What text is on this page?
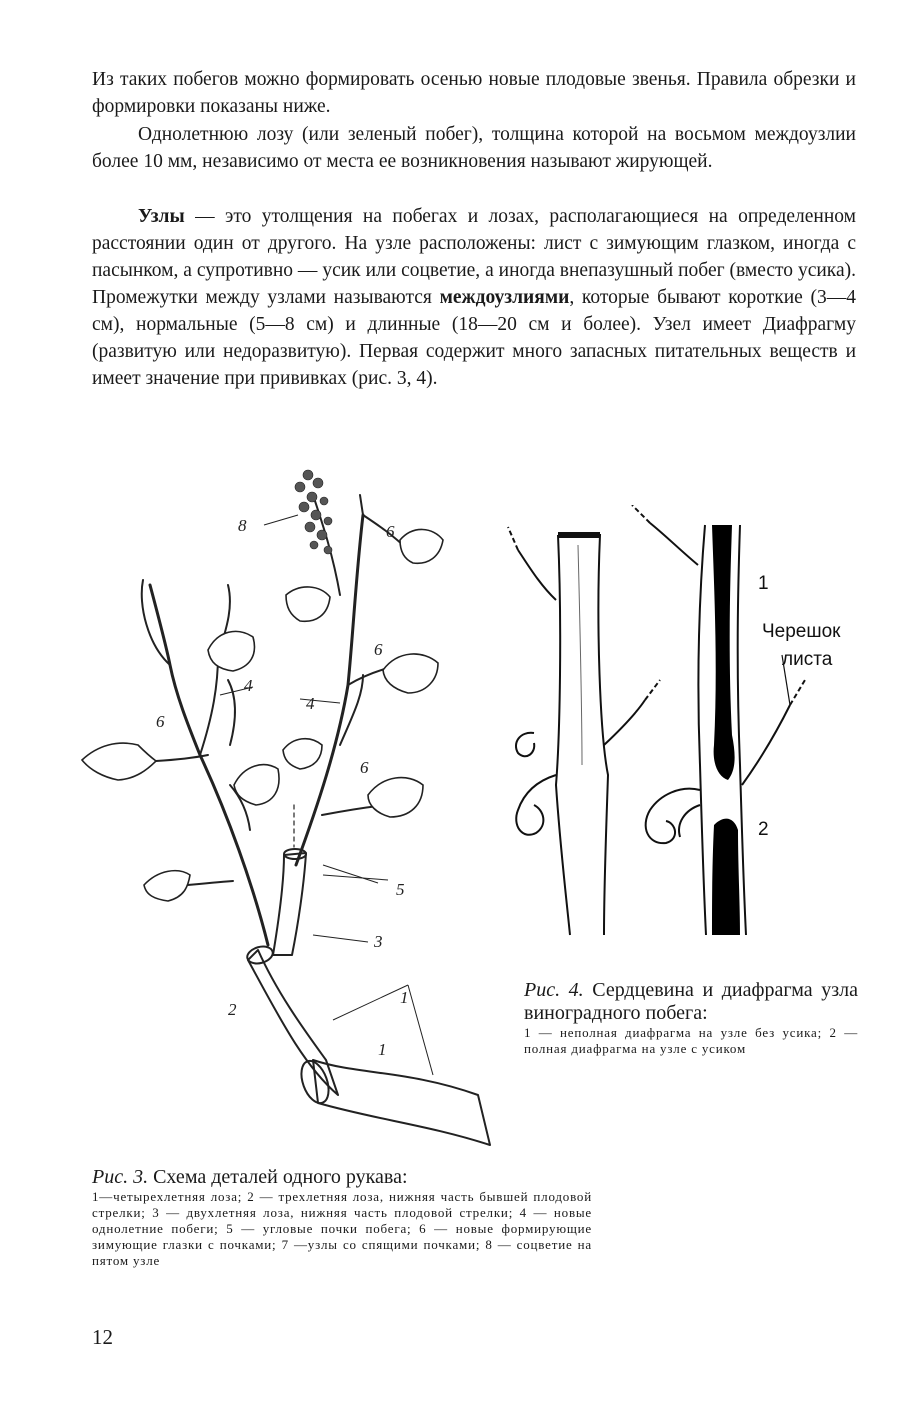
Из таких побегов можно формировать осенью новые плодовые звенья. Правила обрезки и формировки показаны ниже.

Однолетнюю лозу (или зеленый побег), толщина которой на восьмом междоузлии более 10 мм, независимо от места ее возникновения называют жирующей.

Узлы — это утолщения на побегах и лозах, располагающиеся на определенном расстоянии один от другого. На узле расположены: лист с зимующим глазком, иногда с пасынком, а супротивно — усик или соцветие, а иногда внепазушный побег (вместо усика). Промежутки между узлами называются междоузлиями, которые бывают короткие (3—4 см), нормальные (5—8 см) и длинные (18—20 см и более). Узел имеет Диафрагму (развитую или недоразвитую). Первая содержит много запасных питательных веществ и имеет значение при прививках (рис. 3, 4).

8	6
6
6
6
4
4
5
3
2
1
1
1
2
Черешок
листа
Рис. 4. Сердцевина и диафрагма узла виноградного побега:
1 — неполная диафрагма на узле без усика; 2 — полная диафрагма на узле с усиком
Рис. 3. Схема деталей одного рукава:
1—четырехлетняя лоза; 2 — трехлетняя лоза, нижняя часть бывшей плодовой стрелки; 3 — двухлетняя лоза, нижняя часть плодовой стрелки; 4 — новые однолетние побеги; 5 — угловые почки побега; 6 — новые формирующие зимующие глазки с почками; 7 —узлы со спящими почками; 8 — соцветие на пятом узле
12
